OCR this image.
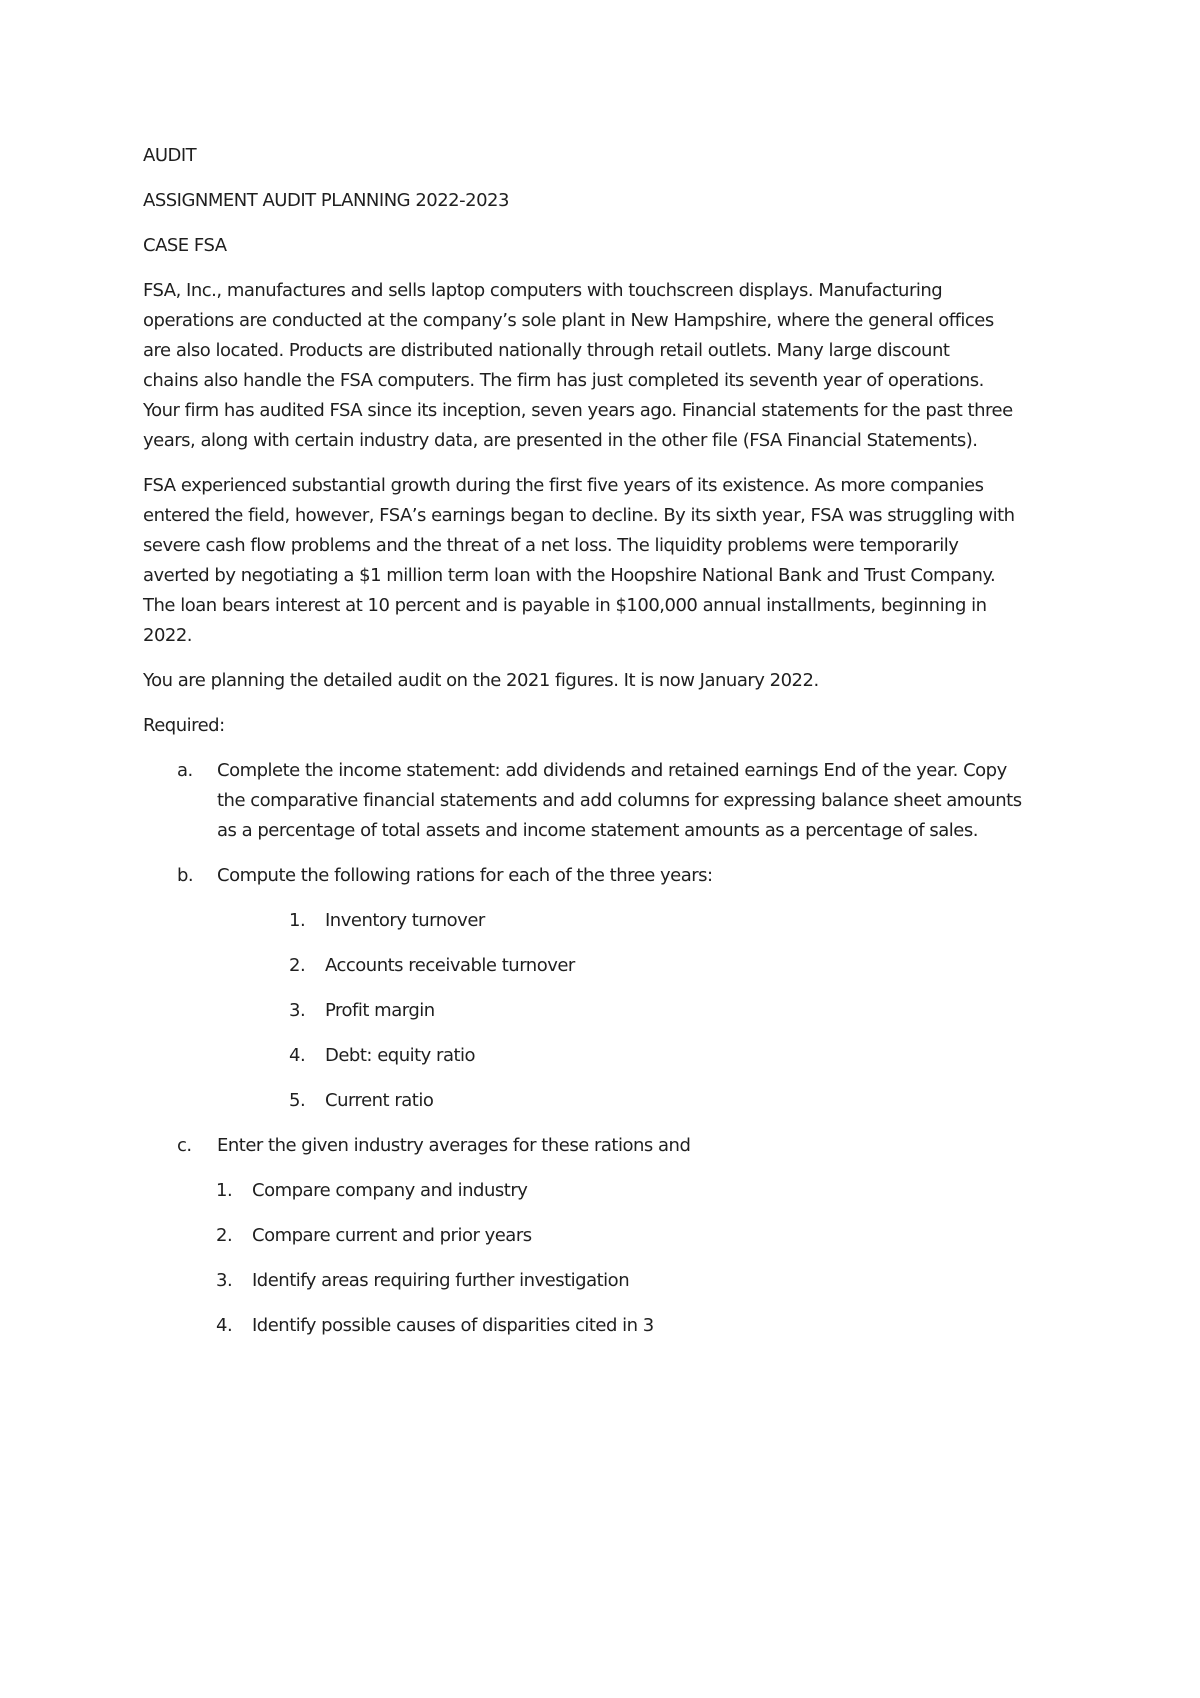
AUDIT
ASSIGNMENT AUDIT PLANNING 2022-2023
CASE FSA
FSA, Inc., manufactures and sells laptop computers with touchscreen displays. Manufacturing
operations are conducted at the company’s sole plant in New Hampshire, where the general offices
are also located. Products are distributed nationally through retail outlets. Many large discount
chains also handle the FSA computers. The firm has just completed its seventh year of operations.
Your firm has audited FSA since its inception, seven years ago. Financial statements for the past three
years, along with certain industry data, are presented in the other file (FSA Financial Statements).
FSA experienced substantial growth during the first five years of its existence. As more companies
entered the field, however, FSA’s earnings began to decline. By its sixth year, FSA was struggling with
severe cash flow problems and the threat of a net loss. The liquidity problems were temporarily
averted by negotiating a $1 million term loan with the Hoopshire National Bank and Trust Company.
The loan bears interest at 10 percent and is payable in $100,000 annual installments, beginning in
2022.
You are planning the detailed audit on the 2021 figures. It is now January 2022.
Required:
a. Complete the income statement: add dividends and retained earnings End of the year. Copy
the comparative financial statements and add columns for expressing balance sheet amounts
as a percentage of total assets and income statement amounts as a percentage of sales.
b. Compute the following rations for each of the three years:
1. Inventory turnover
2. Accounts receivable turnover
3. Profit margin
4. Debt: equity ratio
5. Current ratio
c. Enter the given industry averages for these rations and
1. Compare company and industry
2. Compare current and prior years
3. Identify areas requiring further investigation
4. Identify possible causes of disparities cited in 3
